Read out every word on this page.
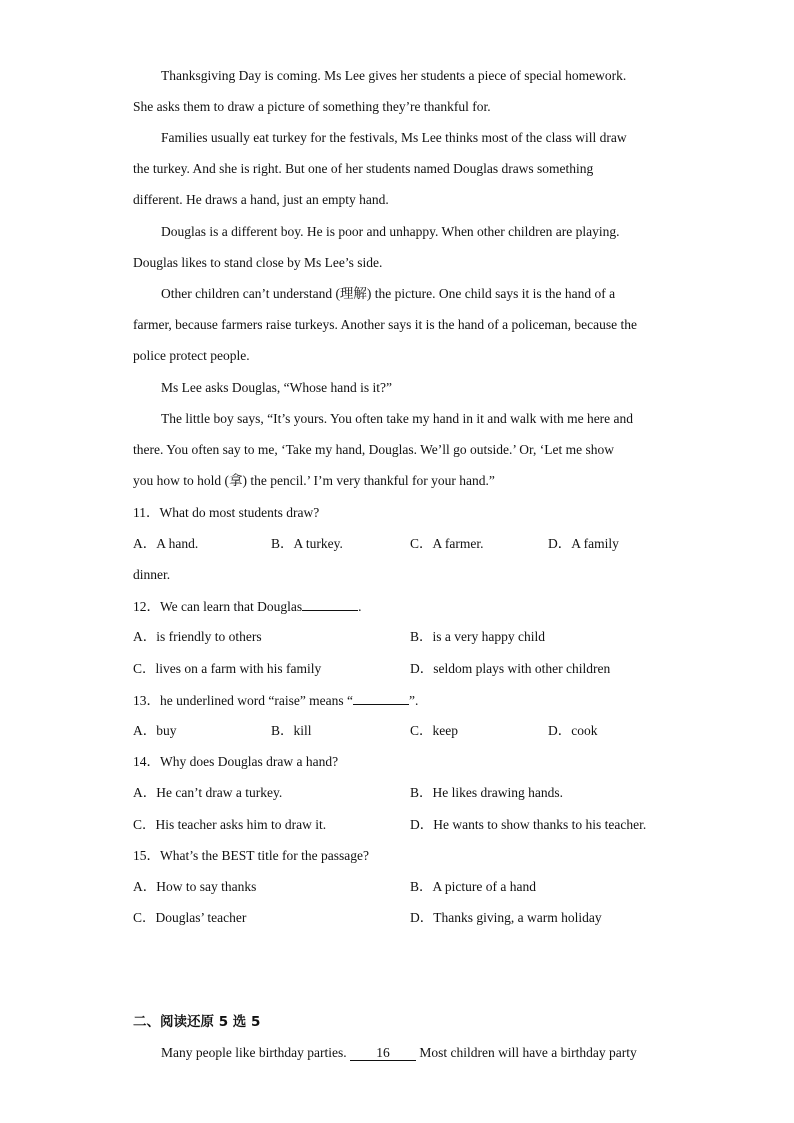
Thanksgiving Day is coming. Ms Lee gives her students a piece of special homework.
She asks them to draw a picture of something they’re thankful for.
Families usually eat turkey for the festivals, Ms Lee thinks most of the class will draw
the turkey. And she is right. But one of her students named Douglas draws something
different. He draws a hand, just an empty hand.
Douglas is a different boy. He is poor and unhappy. When other children are playing.
Douglas likes to stand close by Ms Lee’s side.
Other children can’t understand (理解) the picture. One child says it is the hand of a
farmer, because farmers raise turkeys. Another says it is the hand of a policeman, because the
police protect people.
Ms Lee asks Douglas, “Whose hand is it?”
The little boy says, “It’s yours. You often take my hand in it and walk with me here and
there. You often say to me, ‘Take my hand, Douglas. We’ll go outside.’ Or, ‘Let me show
you how to hold (拿) the pencil.’ I’m very thankful for your hand.”
11．What do most students draw?
A．A hand.	B．A turkey.	C．A farmer.	D．A family
dinner.
12．We can learn that Douglas	.
A．is friendly to others	B．is a very happy child
C．lives on a farm with his family	D．seldom plays with other children
13．he underlined word “raise” means “	”.
A．buy	B．kill	C．keep	D．cook
14．Why does Douglas draw a hand?
A．He can’t draw a turkey.	B．He likes drawing hands.
C．His teacher asks him to draw it.	D．He wants to show thanks to his teacher.
15．What’s the BEST title for the passage?
A．How to say thanks	B．A picture of a hand
C．Douglas’ teacher	D．Thanks giving, a warm holiday
二、阅读还原 5 选 5
Many people like birthday parties. 16 Most children will have a birthday party
